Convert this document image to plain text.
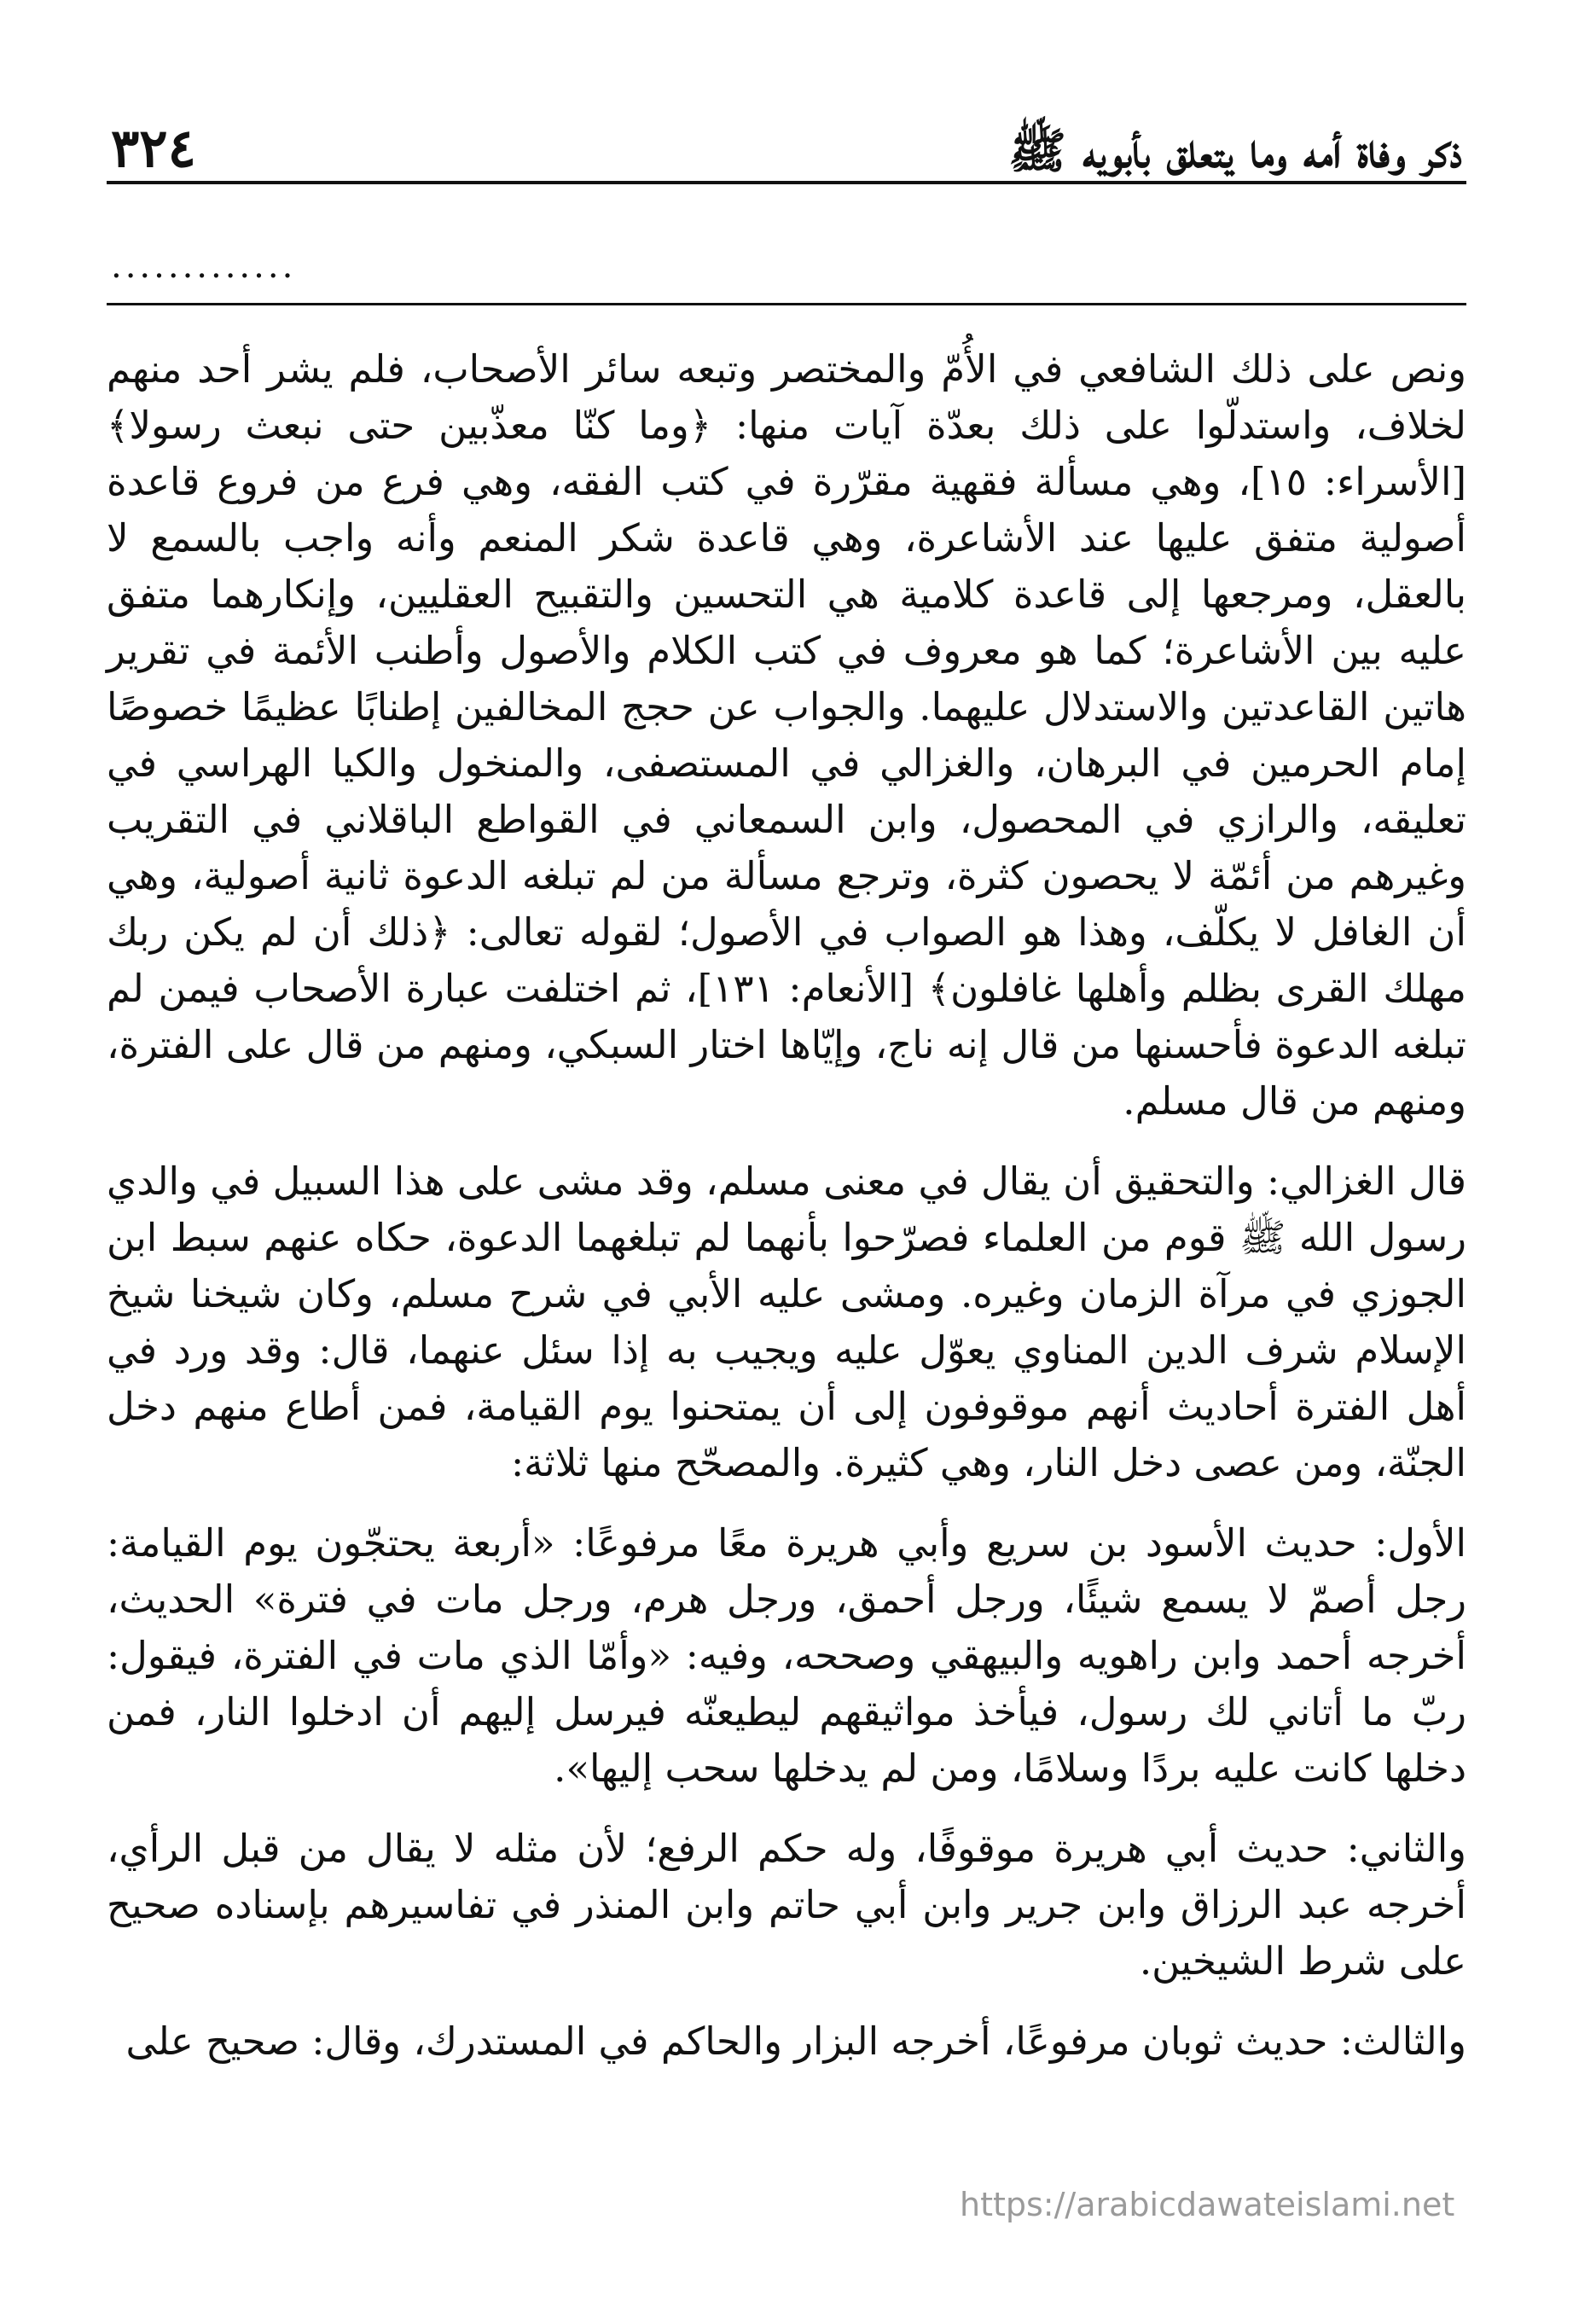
ذكر وفاة أمه وما يتعلق بأبويه ﷺ
٣٢٤
.............

ونص على ذلك الشافعي في الأُمّ والمختصر وتبعه سائر الأصحاب، فلم يشر أحد منهم لخلاف، واستدلّوا على ذلك بعدّة آيات منها: ﴿وما كنّا معذّبين حتى نبعث رسولا﴾ [الأسراء: ١٥]، وهي مسألة فقهية مقرّرة في كتب الفقه، وهي فرع من فروع قاعدة أصولية متفق عليها عند الأشاعرة، وهي قاعدة شكر المنعم وأنه واجب بالسمع لا بالعقل، ومرجعها إلى قاعدة كلامية هي التحسين والتقبيح العقليين، وإنكارهما متفق عليه بين الأشاعرة؛ كما هو معروف في كتب الكلام والأصول وأطنب الأئمة في تقرير هاتين القاعدتين والاستدلال عليهما. والجواب عن حجج المخالفين إطنابًا عظيمًا خصوصًا إمام الحرمين في البرهان، والغزالي في المستصفى، والمنخول والكيا الهراسي في تعليقه، والرازي في المحصول، وابن السمعاني في القواطع الباقلاني في التقريب وغيرهم من أئمّة لا يحصون كثرة، وترجع مسألة من لم تبلغه الدعوة ثانية أصولية، وهي أن الغافل لا يكلّف، وهذا هو الصواب في الأصول؛ لقوله تعالى: ﴿ذلك أن لم يكن ربك مهلك القرى بظلم وأهلها غافلون﴾ [الأنعام: ١٣١]، ثم اختلفت عبارة الأصحاب فيمن لم تبلغه الدعوة فأحسنها من قال إنه ناج، وإيّاها اختار السبكي، ومنهم من قال على الفترة، ومنهم من قال مسلم.

قال الغزالي: والتحقيق أن يقال في معنى مسلم، وقد مشى على هذا السبيل في والدي رسول الله ﷺ قوم من العلماء فصرّحوا بأنهما لم تبلغهما الدعوة، حكاه عنهم سبط ابن الجوزي في مرآة الزمان وغيره. ومشى عليه الأبي في شرح مسلم، وكان شيخنا شيخ الإسلام شرف الدين المناوي يعوّل عليه ويجيب به إذا سئل عنهما، قال: وقد ورد في أهل الفترة أحاديث أنهم موقوفون إلى أن يمتحنوا يوم القيامة، فمن أطاع منهم دخل الجنّة، ومن عصى دخل النار، وهي كثيرة. والمصحّح منها ثلاثة:

الأول: حديث الأسود بن سريع وأبي هريرة معًا مرفوعًا: «أربعة يحتجّون يوم القيامة: رجل أصمّ لا يسمع شيئًا، ورجل أحمق، ورجل هرم، ورجل مات في فترة» الحديث، أخرجه أحمد وابن راهويه والبيهقي وصححه، وفيه: «وأمّا الذي مات في الفترة، فيقول: ربّ ما أتاني لك رسول، فيأخذ مواثيقهم ليطيعنّه فيرسل إليهم أن ادخلوا النار، فمن دخلها كانت عليه بردًا وسلامًا، ومن لم يدخلها سحب إليها».

والثاني: حديث أبي هريرة موقوفًا، وله حكم الرفع؛ لأن مثله لا يقال من قبل الرأي، أخرجه عبد الرزاق وابن جرير وابن أبي حاتم وابن المنذر في تفاسيرهم بإسناده صحيح على شرط الشيخين.

والثالث: حديث ثوبان مرفوعًا، أخرجه البزار والحاكم في المستدرك، وقال: صحيح على

https://arabicdawateislami.net
